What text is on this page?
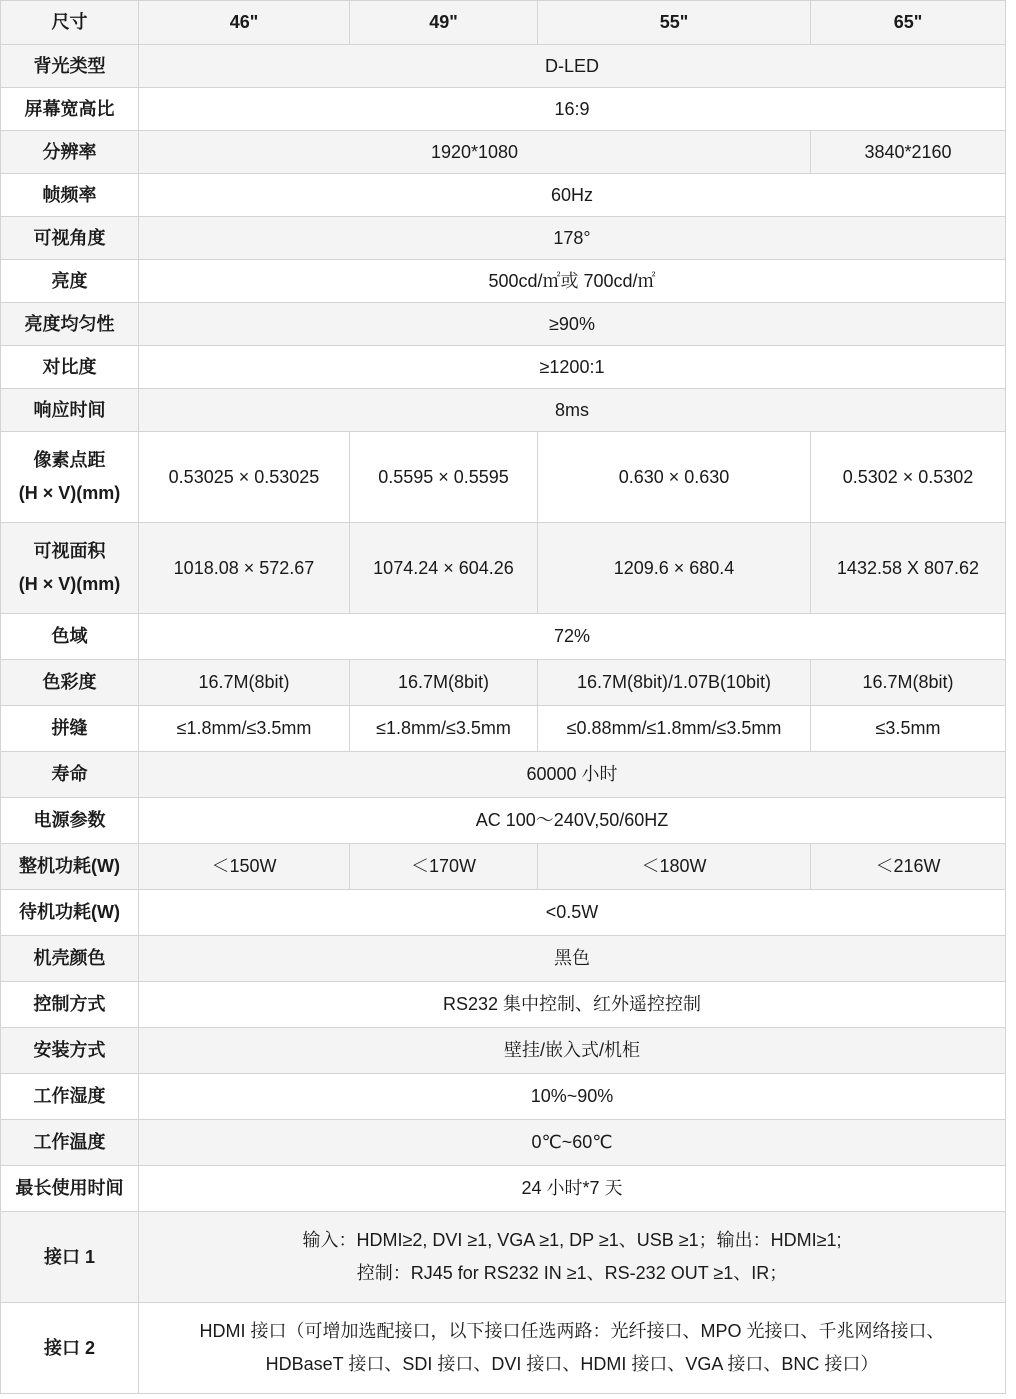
尺寸	46"	49"	55"	65"
背光类型	D-LED			
屏幕宽高比	16:9			
分辨率	1920*1080			3840*2160
帧频率	60Hz			
可视角度	178°			
亮度	500cd/㎡或 700cd/㎡			
亮度均匀性	≥90%			
对比度	≥1200:1			
响应时间	8ms			
像素点距
(H × V)(mm)	0.53025 × 0.53025	0.5595 × 0.5595	0.630 × 0.630	0.5302 × 0.5302
可视面积
(H × V)(mm)	1018.08 × 572.67	1074.24 × 604.26	1209.6 × 680.4	1432.58 X 807.62
色域	72%			
色彩度	16.7M(8bit)	16.7M(8bit)	16.7M(8bit)/1.07B(10bit)	16.7M(8bit)
拼缝	≤1.8mm/≤3.5mm	≤1.8mm/≤3.5mm	≤0.88mm/≤1.8mm/≤3.5mm	≤3.5mm
寿命	60000 小时			
电源参数	AC 100～240V,50/60HZ			
整机功耗(W)	＜150W	＜170W	＜180W	＜216W
待机功耗(W)	<0.5W			
机壳颜色	黑色			
控制方式	RS232 集中控制、红外遥控控制			
安装方式	壁挂/嵌入式/机柜			
工作湿度	10%~90%			
工作温度	0℃~60℃			
最长使用时间	24 小时*7 天			
接口 1	输入：HDMI≥2, DVI ≥1, VGA ≥1, DP ≥1、USB ≥1；输出：HDMI≥1;
控制：RJ45 for RS232 IN ≥1、RS-232 OUT ≥1、IR；			
接口 2	HDMI 接口（可增加选配接口，以下接口任选两路：光纤接口、MPO 光接口、千兆网络接口、
HDBaseT 接口、SDI 接口、DVI 接口、HDMI 接口、VGA 接口、BNC 接口）			
